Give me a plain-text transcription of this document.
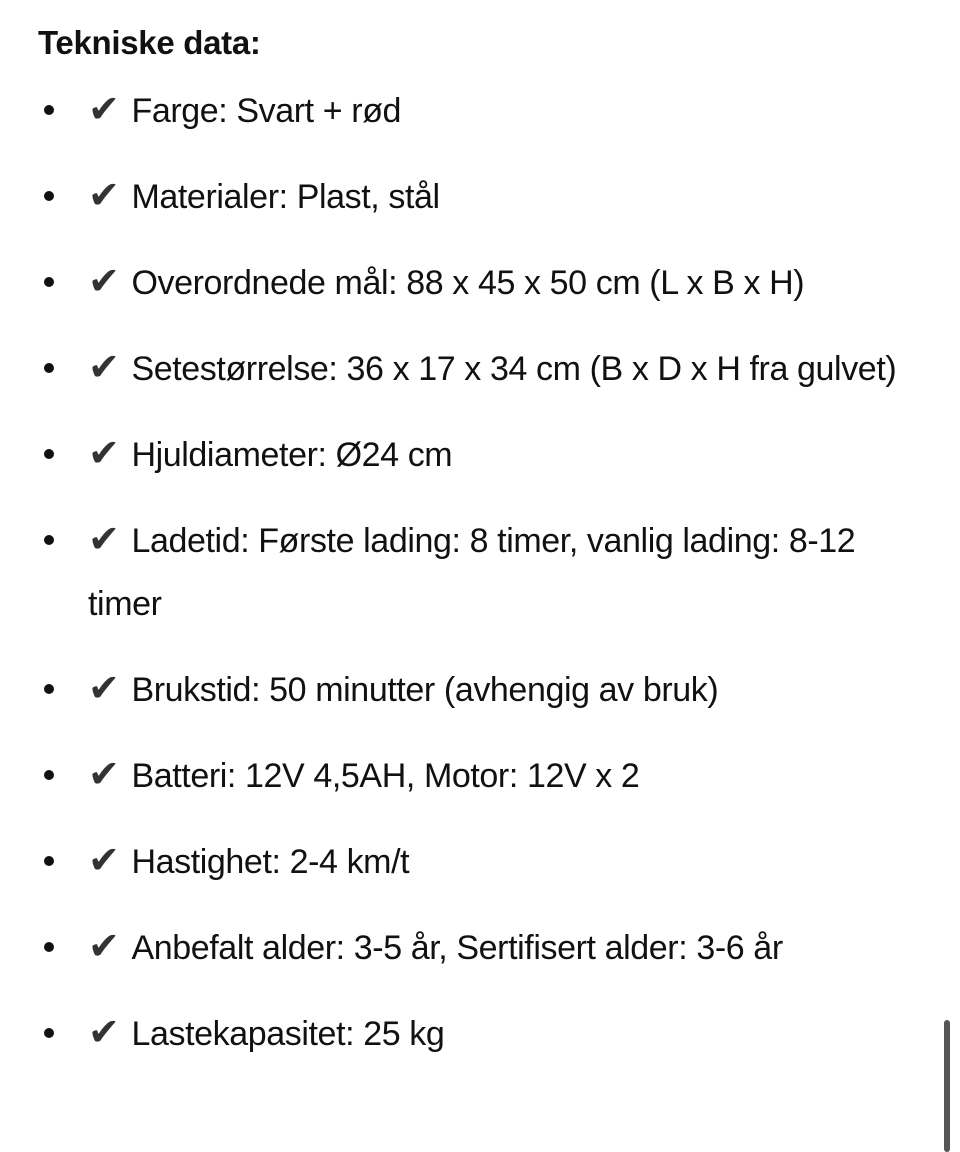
Tekniske data:
✔ Farge: Svart + rød
✔ Materialer: Plast, stål
✔ Overordnede mål: 88 x 45 x 50 cm (L x B x H)
✔ Setestørrelse: 36 x 17 x 34 cm (B x D x H fra gulvet)
✔ Hjuldiameter: Ø24 cm
✔ Ladetid: Første lading: 8 timer, vanlig lading: 8-12 timer
✔ Brukstid: 50 minutter (avhengig av bruk)
✔ Batteri: 12V 4,5AH, Motor: 12V x 2
✔ Hastighet: 2-4 km/t
✔ Anbefalt alder: 3-5 år, Sertifisert alder: 3-6 år
✔ Lastekapasitet: 25 kg
